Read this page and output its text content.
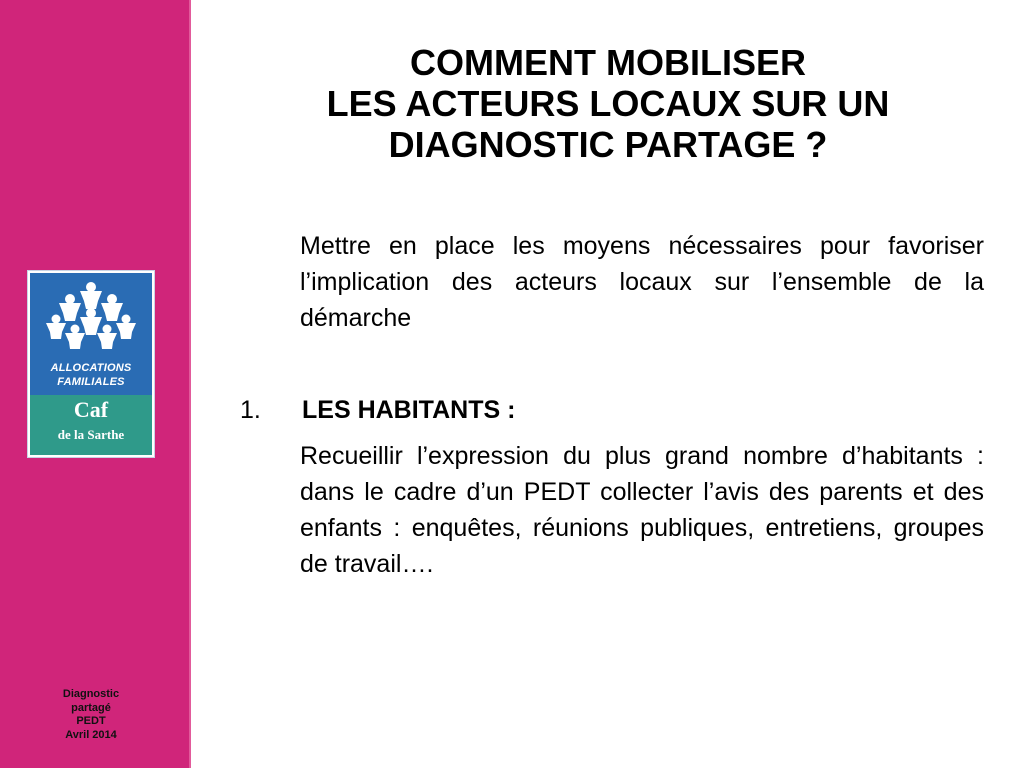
ALLOCATIONS
FAMILIALES
Caf
de la Sarthe
Diagnostic
partagé
PEDT
Avril 2014
COMMENT MOBILISER
LES ACTEURS LOCAUX SUR UN
DIAGNOSTIC PARTAGE ?
Mettre en place les moyens nécessaires pour favoriser l’implication des acteurs locaux sur l’ensemble de la démarche
1. LES HABITANTS :
Recueillir l’expression du plus grand nombre d’habitants : dans le cadre d’un PEDT collecter l’avis des parents et des enfants : enquêtes, réunions publiques, entretiens, groupes de travail….
